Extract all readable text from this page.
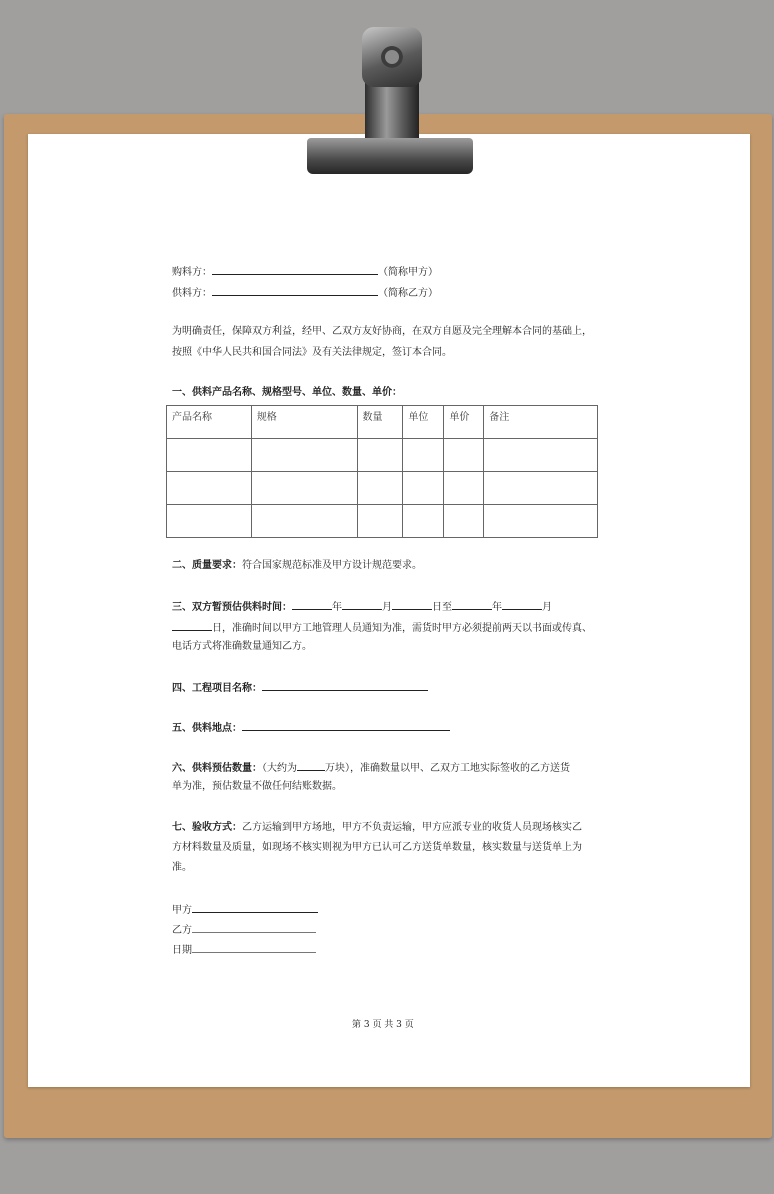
购料方：	（简称甲方）
供料方：	（简称乙方）
为明确责任，保障双方利益，经甲、乙双方友好协商，在双方自愿及完全理解本合同的基础上，
按照《中华人民共和国合同法》及有关法律规定，签订本合同。
一、供料产品名称、规格型号、单位、数量、单价：
产品名称	规格	数量	单位	单价	备注

二、质量要求：符合国家规范标准及甲方设计规范要求。
三、双方暂预估供料时间：	年	月	日至	年	月
日，准确时间以甲方工地管理人员通知为准，需货时甲方必须提前两天以书面或传真、
电话方式将准确数量通知乙方。
四、工程项目名称：
五、供料地点：
六、供料预估数量：（大约为	万块），准确数量以甲、乙双方工地实际签收的乙方送货
单为准，预估数量不做任何结账数据。
七、验收方式：乙方运输到甲方场地，甲方不负责运输，甲方应派专业的收货人员现场核实乙
方材料数量及质量，如现场不核实则视为甲方已认可乙方送货单数量，核实数量与送货单上为
准。
甲方
乙方
日期
第 3 页 共 3 页
